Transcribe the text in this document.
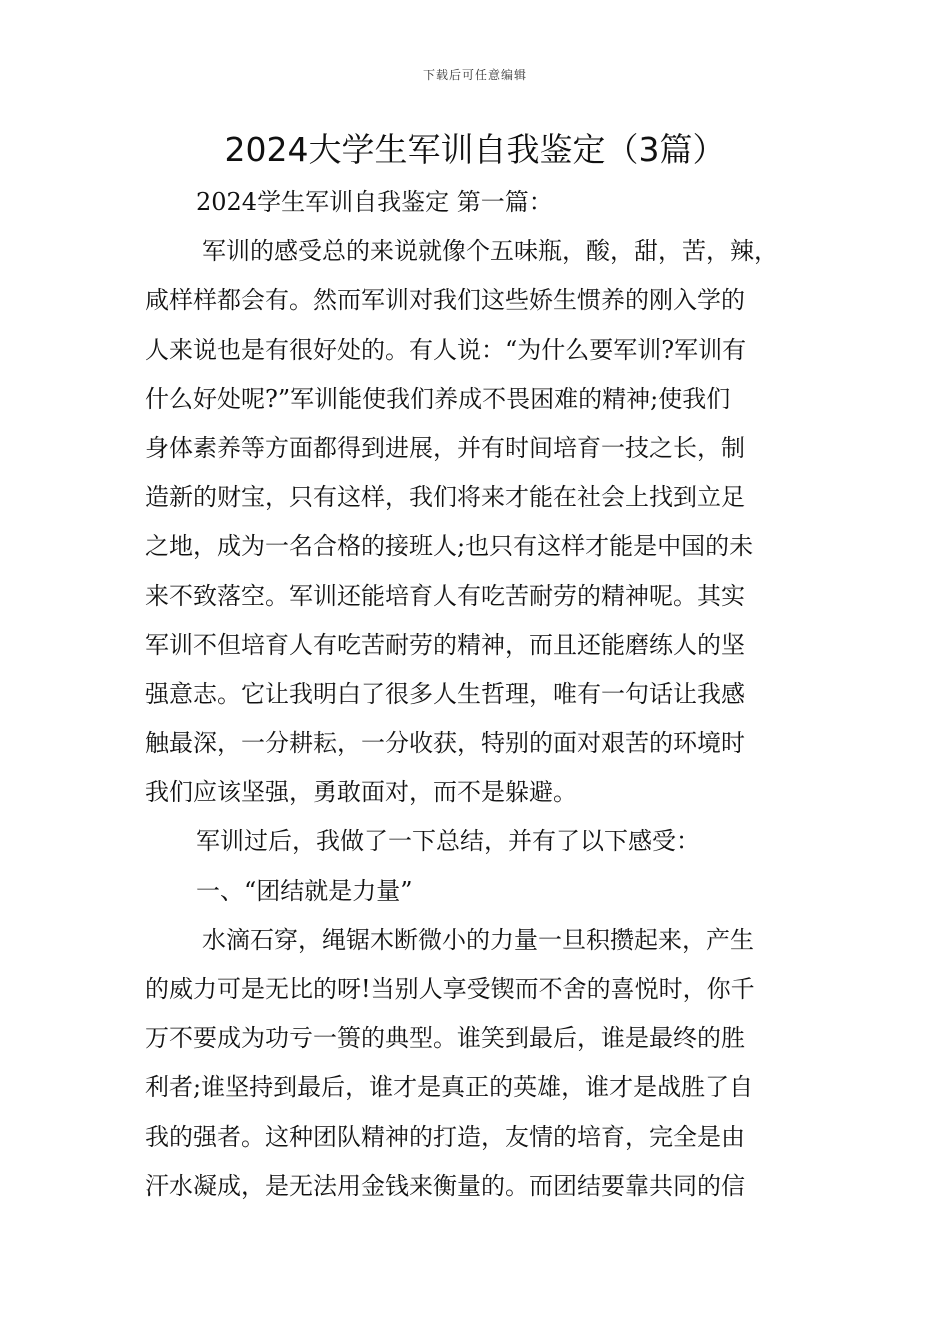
下载后可任意编辑
2024大学生军训自我鉴定（3篇）

2024学生军训自我鉴定 第一篇：

军训的感受总的来说就像个五味瓶，酸，甜，苦，辣，

咸样样都会有。然而军训对我们这些娇生惯养的刚入学的

人来说也是有很好处的。有人说：“为什么要军训?军训有

什么好处呢?”军训能使我们养成不畏困难的精神;使我们

身体素养等方面都得到进展，并有时间培育一技之长，制

造新的财宝，只有这样，我们将来才能在社会上找到立足

之地，成为一名合格的接班人;也只有这样才能是中国的未

来不致落空。军训还能培育人有吃苦耐劳的精神呢。其实

军训不但培育人有吃苦耐劳的精神，而且还能磨练人的坚

强意志。它让我明白了很多人生哲理，唯有一句话让我感

触最深，一分耕耘，一分收获，特别的面对艰苦的环境时

我们应该坚强，勇敢面对，而不是躲避。

军训过后，我做了一下总结，并有了以下感受：

一、“团结就是力量”

水滴石穿，绳锯木断微小的力量一旦积攒起来，产生

的威力可是无比的呀!当别人享受锲而不舍的喜悦时，你千

万不要成为功亏一篑的典型。谁笑到最后，谁是最终的胜

利者;谁坚持到最后，谁才是真正的英雄，谁才是战胜了自

我的强者。这种团队精神的打造，友情的培育，完全是由

汗水凝成，是无法用金钱来衡量的。而团结要靠共同的信
